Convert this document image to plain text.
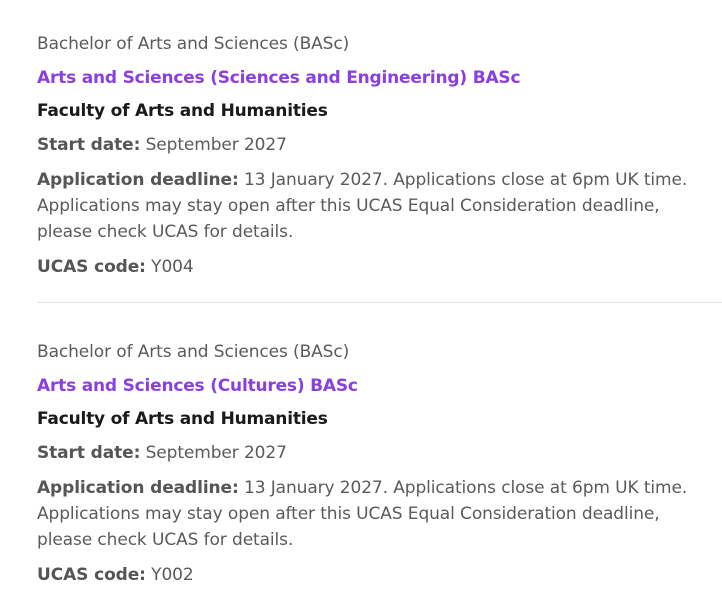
Bachelor of Arts and Sciences (BASc)

Arts and Sciences (Sciences and Engineering) BASc
Faculty of Arts and Humanities
Start date: September 2027
Application deadline: 13 January 2027. Applications close at 6pm UK time. Applications may stay open after this UCAS Equal Consideration deadline, please check UCAS for details.
UCAS code: Y004

Bachelor of Arts and Sciences (BASc)

Arts and Sciences (Cultures) BASc
Faculty of Arts and Humanities
Start date: September 2027
Application deadline: 13 January 2027. Applications close at 6pm UK time. Applications may stay open after this UCAS Equal Consideration deadline, please check UCAS for details.
UCAS code: Y002
